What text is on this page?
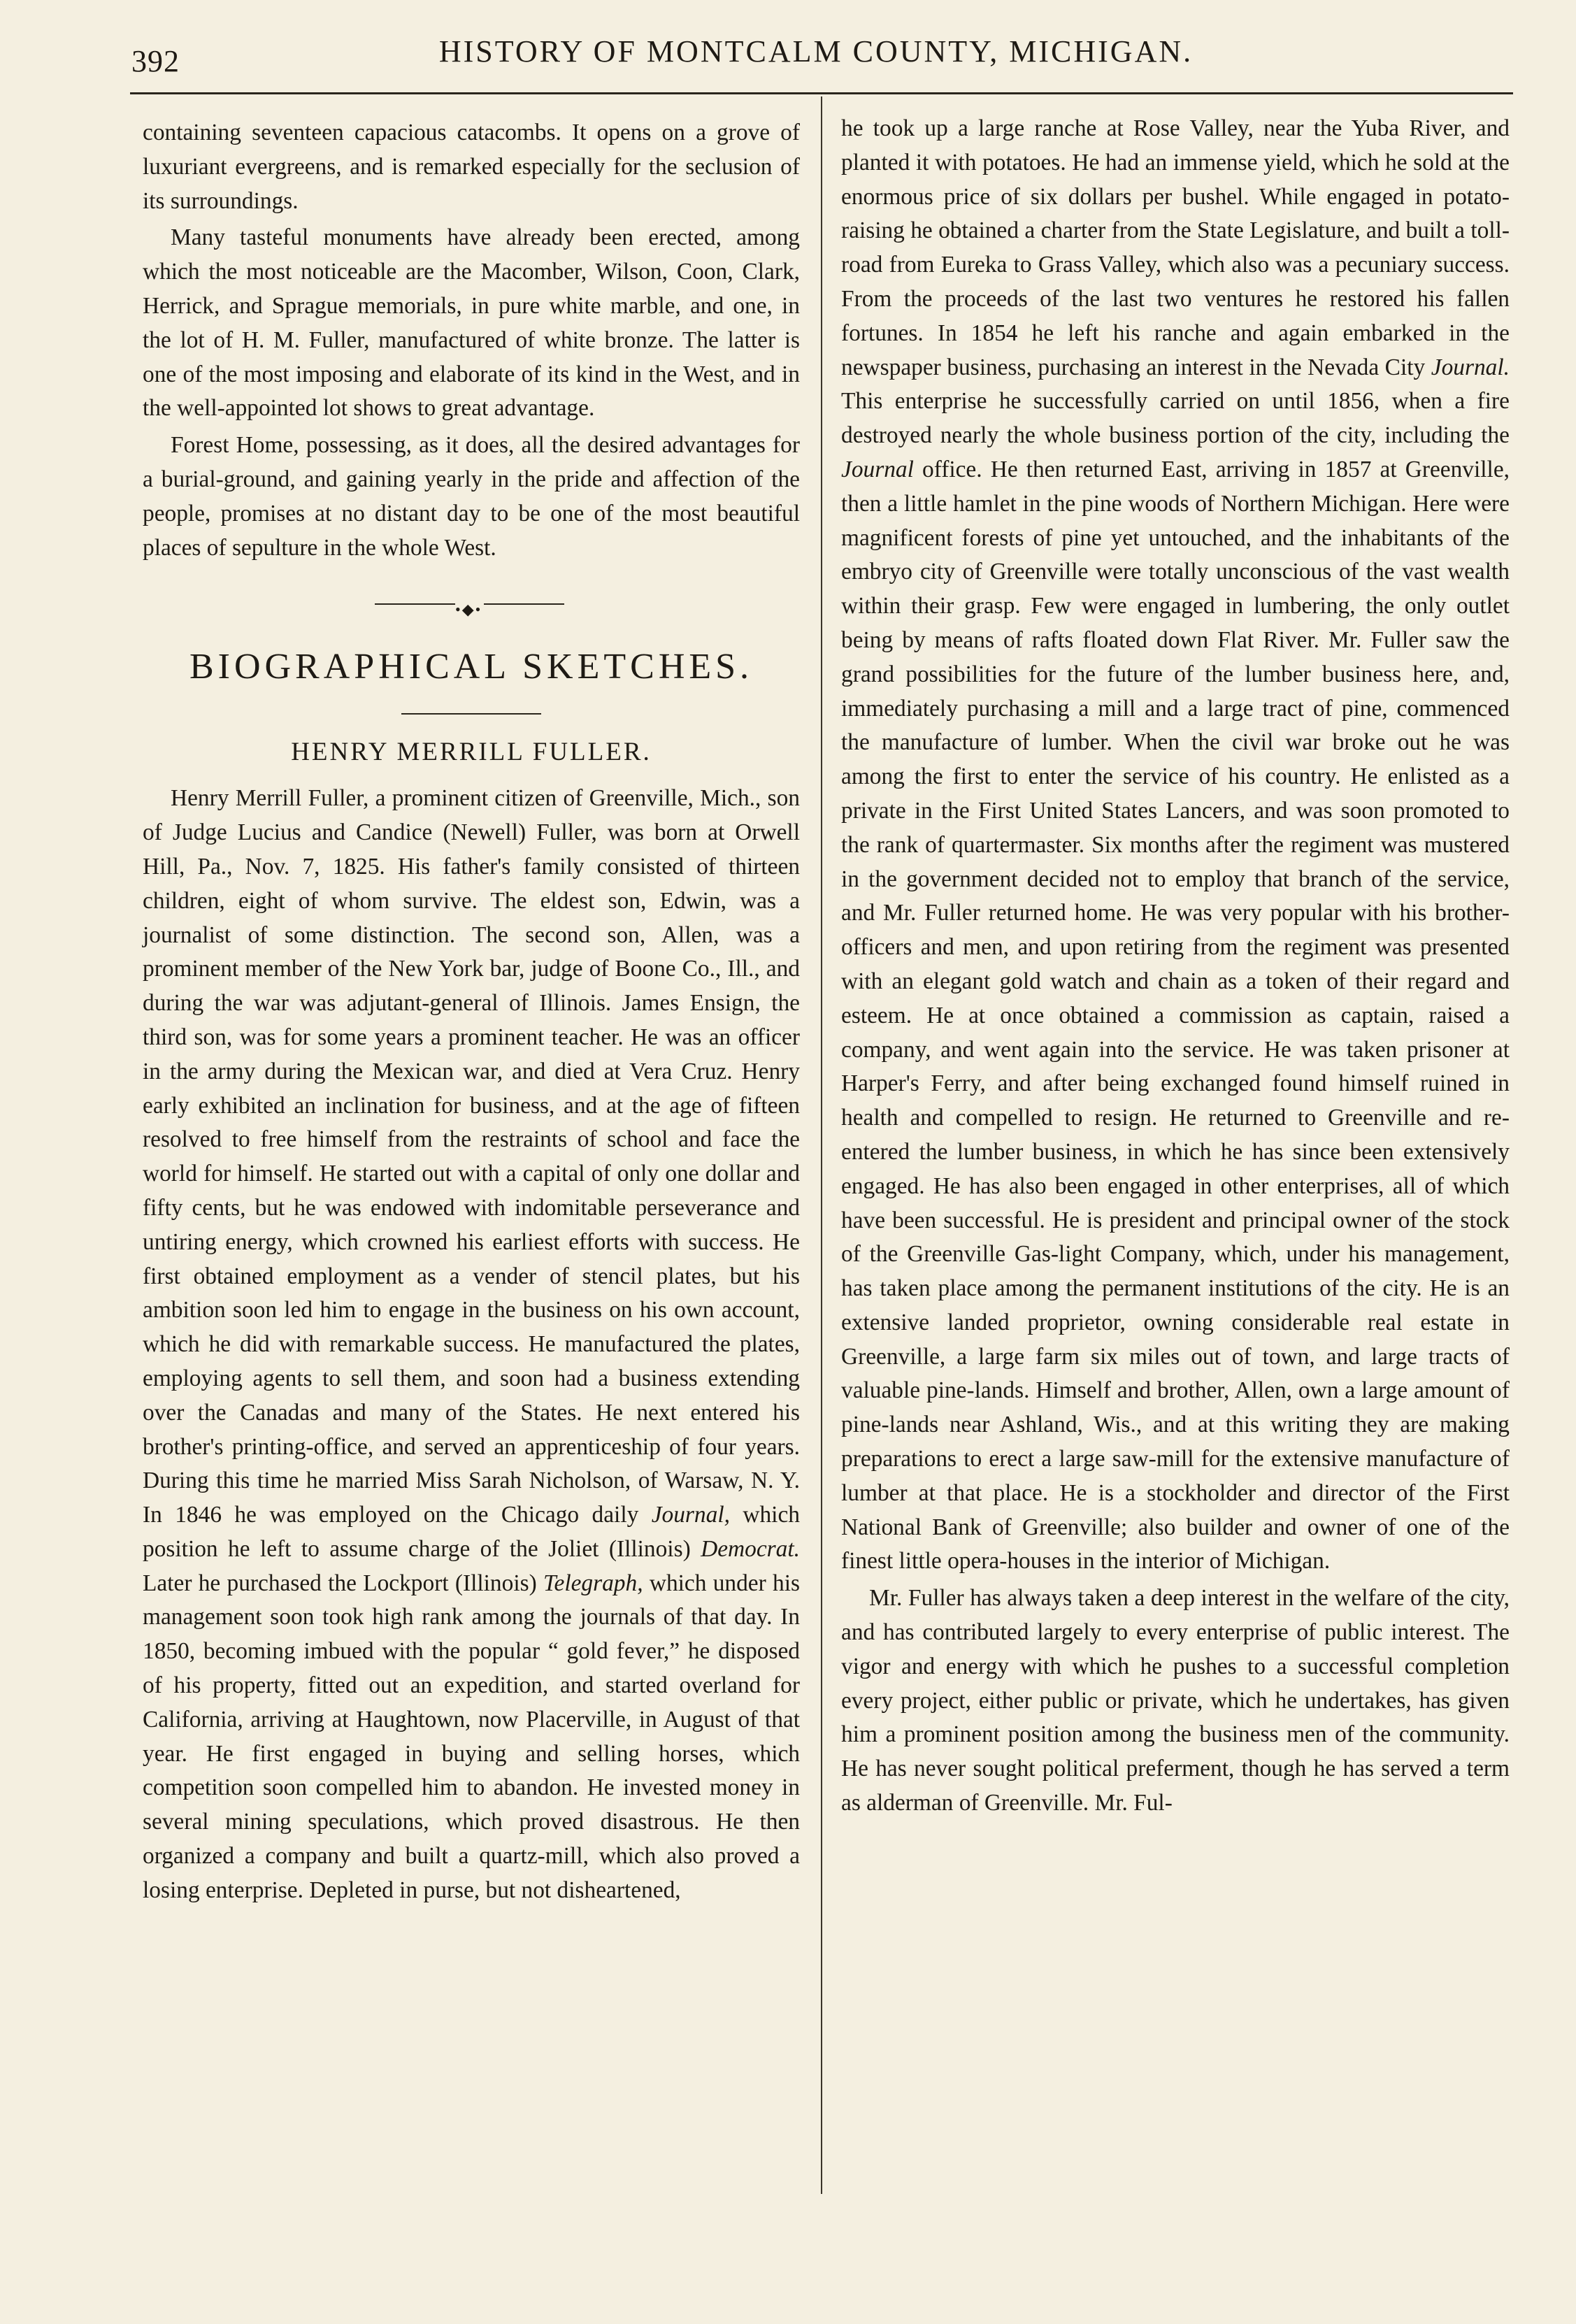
392	HISTORY OF MONTCALM COUNTY, MICHIGAN.

containing seventeen capacious catacombs. It opens on a grove of luxuriant evergreens, and is remarked especially for the seclusion of its surroundings.

Many tasteful monuments have already been erected, among which the most noticeable are the Macomber, Wilson, Coon, Clark, Herrick, and Sprague memorials, in pure white marble, and one, in the lot of H. M. Fuller, manufactured of white bronze. The latter is one of the most imposing and elaborate of its kind in the West, and in the well-appointed lot shows to great advantage.

Forest Home, possessing, as it does, all the desired advantages for a burial-ground, and gaining yearly in the pride and affection of the people, promises at no distant day to be one of the most beautiful places of sepulture in the whole West.

•◆•
BIOGRAPHICAL SKETCHES.
HENRY MERRILL FULLER.

Henry Merrill Fuller, a prominent citizen of Greenville, Mich., son of Judge Lucius and Candice (Newell) Fuller, was born at Orwell Hill, Pa., Nov. 7, 1825. His father's family consisted of thirteen children, eight of whom survive. The eldest son, Edwin, was a journalist of some distinction. The second son, Allen, was a prominent member of the New York bar, judge of Boone Co., Ill., and during the war was adjutant-general of Illinois. James Ensign, the third son, was for some years a prominent teacher. He was an officer in the army during the Mexican war, and died at Vera Cruz. Henry early exhibited an inclination for business, and at the age of fifteen resolved to free himself from the restraints of school and face the world for himself. He started out with a capital of only one dollar and fifty cents, but he was endowed with indomitable perseverance and untiring energy, which crowned his earliest efforts with success. He first obtained employment as a vender of stencil plates, but his ambition soon led him to engage in the business on his own account, which he did with remarkable success. He manufactured the plates, employing agents to sell them, and soon had a business extending over the Canadas and many of the States. He next entered his brother's printing-office, and served an apprenticeship of four years. During this time he married Miss Sarah Nicholson, of Warsaw, N. Y. In 1846 he was employed on the Chicago daily Journal, which position he left to assume charge of the Joliet (Illinois) Democrat. Later he purchased the Lockport (Illinois) Telegraph, which under his management soon took high rank among the journals of that day. In 1850, becoming imbued with the popular “ gold fever,” he disposed of his property, fitted out an expedition, and started overland for California, arriving at Haughtown, now Placerville, in August of that year. He first engaged in buying and selling horses, which competition soon compelled him to abandon. He invested money in several mining speculations, which proved disastrous. He then organized a company and built a quartz-mill, which also proved a losing enterprise. Depleted in purse, but not disheartened,

he took up a large ranche at Rose Valley, near the Yuba River, and planted it with potatoes. He had an immense yield, which he sold at the enormous price of six dollars per bushel. While engaged in potato-raising he obtained a charter from the State Legislature, and built a toll-road from Eureka to Grass Valley, which also was a pecuniary success. From the proceeds of the last two ventures he restored his fallen fortunes. In 1854 he left his ranche and again embarked in the newspaper business, purchasing an interest in the Nevada City Journal. This enterprise he successfully carried on until 1856, when a fire destroyed nearly the whole business portion of the city, including the Journal office. He then returned East, arriving in 1857 at Greenville, then a little hamlet in the pine woods of Northern Michigan. Here were magnificent forests of pine yet untouched, and the inhabitants of the embryo city of Greenville were totally unconscious of the vast wealth within their grasp. Few were engaged in lumbering, the only outlet being by means of rafts floated down Flat River. Mr. Fuller saw the grand possibilities for the future of the lumber business here, and, immediately purchasing a mill and a large tract of pine, commenced the manufacture of lumber. When the civil war broke out he was among the first to enter the service of his country. He enlisted as a private in the First United States Lancers, and was soon promoted to the rank of quartermaster. Six months after the regiment was mustered in the government decided not to employ that branch of the service, and Mr. Fuller returned home. He was very popular with his brother-officers and men, and upon retiring from the regiment was presented with an elegant gold watch and chain as a token of their regard and esteem. He at once obtained a commission as captain, raised a company, and went again into the service. He was taken prisoner at Harper's Ferry, and after being exchanged found himself ruined in health and compelled to resign. He returned to Greenville and re-entered the lumber business, in which he has since been extensively engaged. He has also been engaged in other enterprises, all of which have been successful. He is president and principal owner of the stock of the Greenville Gas-light Company, which, under his management, has taken place among the permanent institutions of the city. He is an extensive landed proprietor, owning considerable real estate in Greenville, a large farm six miles out of town, and large tracts of valuable pine-lands. Himself and brother, Allen, own a large amount of pine-lands near Ashland, Wis., and at this writing they are making preparations to erect a large saw-mill for the extensive manufacture of lumber at that place. He is a stockholder and director of the First National Bank of Greenville; also builder and owner of one of the finest little opera-houses in the interior of Michigan.

Mr. Fuller has always taken a deep interest in the welfare of the city, and has contributed largely to every enterprise of public interest. The vigor and energy with which he pushes to a successful completion every project, either public or private, which he undertakes, has given him a prominent position among the business men of the community. He has never sought political preferment, though he has served a term as alderman of Greenville. Mr. Ful-
